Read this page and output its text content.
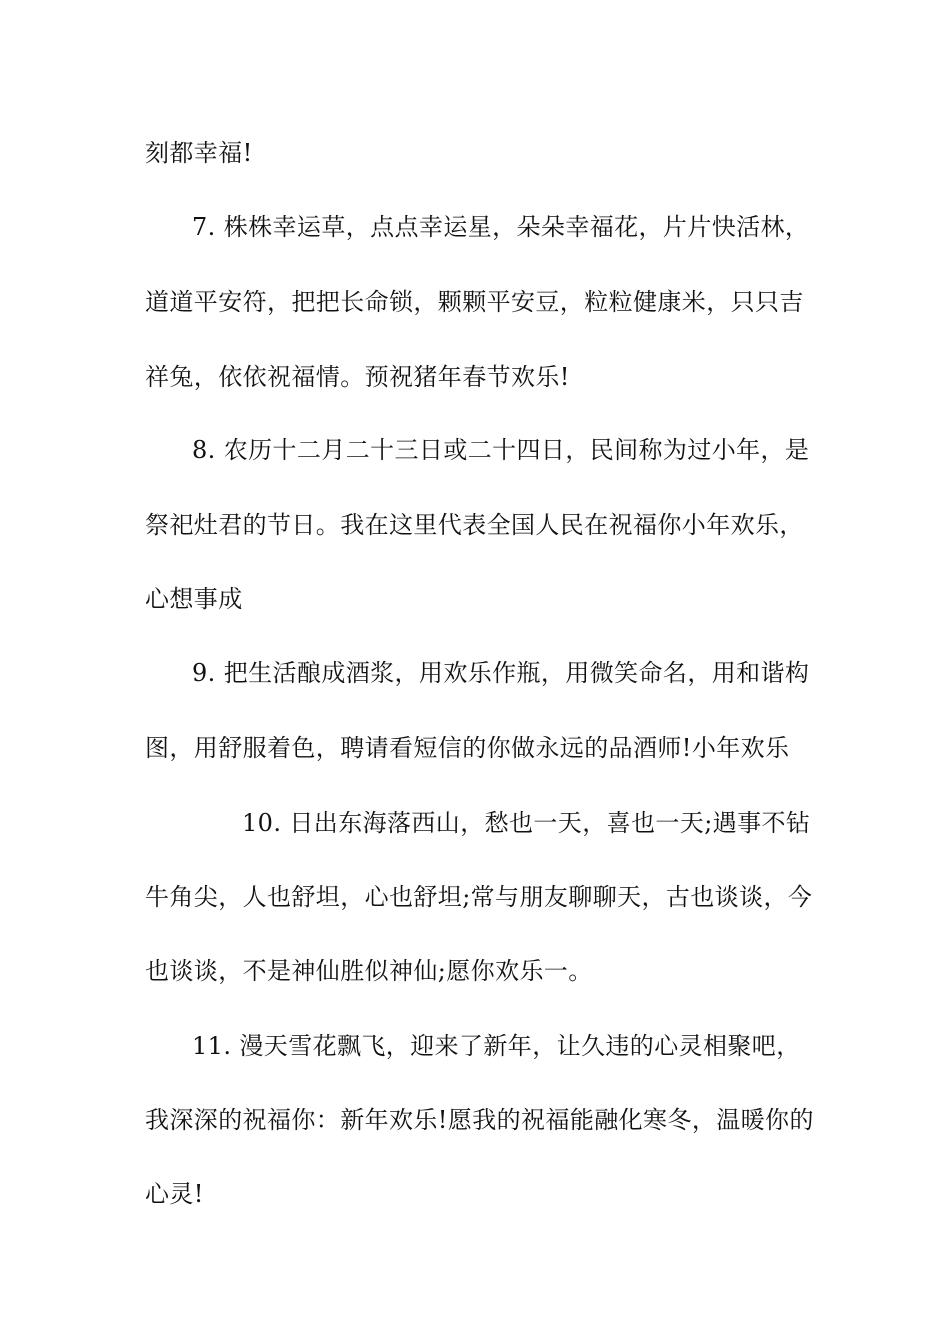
刻都幸福!
7. 株株幸运草，点点幸运星，朵朵幸福花，片片快活林，
道道平安符，把把长命锁，颗颗平安豆，粒粒健康米，只只吉
祥兔，依依祝福情。预祝猪年春节欢乐!
8. 农历十二月二十三日或二十四日，民间称为过小年，是
祭祀灶君的节日。我在这里代表全国人民在祝福你小年欢乐，
心想事成
9. 把生活酿成酒浆，用欢乐作瓶，用微笑命名，用和谐构
图，用舒服着色，聘请看短信的你做永远的品酒师!小年欢乐
10. 日出东海落西山，愁也一天，喜也一天;遇事不钻
牛角尖，人也舒坦，心也舒坦;常与朋友聊聊天，古也谈谈，今
也谈谈，不是神仙胜似神仙;愿你欢乐一。
11. 漫天雪花飘飞，迎来了新年，让久违的心灵相聚吧，
我深深的祝福你：新年欢乐!愿我的祝福能融化寒冬，温暖你的
心灵!
